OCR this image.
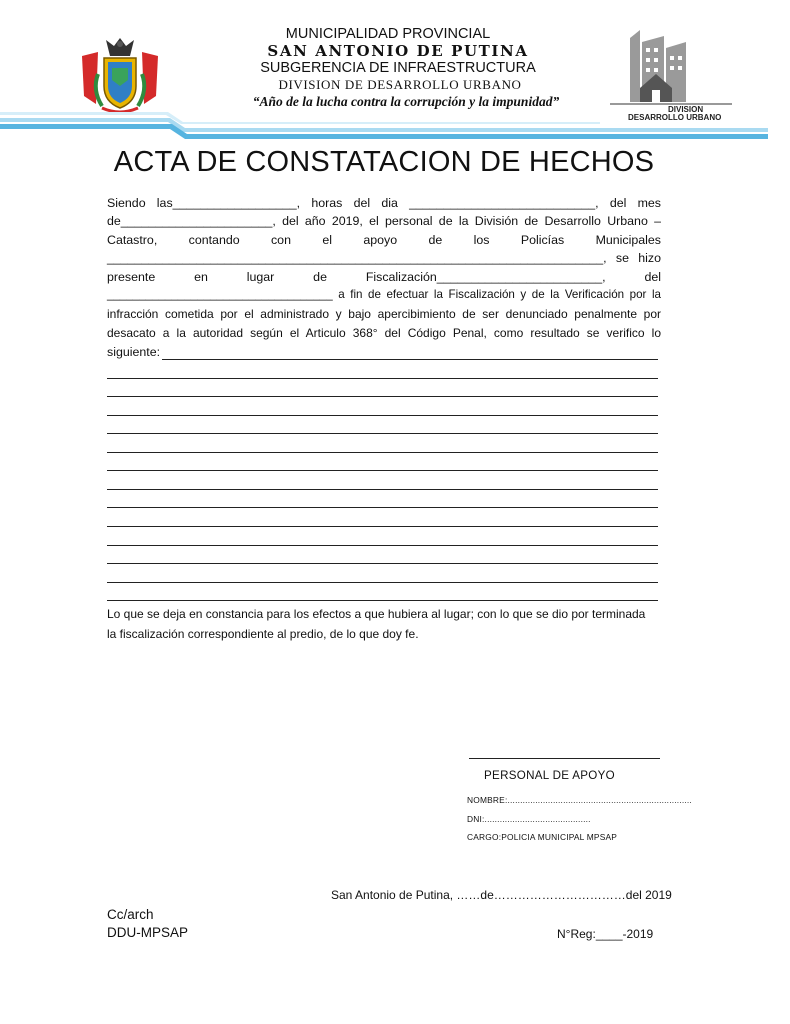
DIVISION
DESARROLLO URBANO
MUNICIPALIDAD PROVINCIAL
SAN ANTONIO DE PUTINA
SUBGERENCIA DE INFRAESTRUCTURA
DIVISION DE DESARROLLO URBANO
“Año de la lucha contra la corrupción y la impunidad”
ACTA DE CONSTATACION DE HECHOS
Siendo las__________________, horas del dia ___________________________, del mes
de______________________, del año 2019, el personal de la División de Desarrollo Urbano –
Catastro, contando con el apoyo de los Policías Municipales
________________________________________________________________________, se hizo
presente en lugar de Fiscalización________________________, del
___________________________________ a fin de efectuar la Fiscalización y de la Verificación por la
infracción cometida por el administrado y bajo apercibimiento de ser denunciado penalmente por
desacato a la autoridad según el Articulo 368° del Código Penal, como resultado se verifico lo
siguiente:
Lo que se deja en constancia para los efectos a que hubiera al lugar; con lo que se dio por terminada
la fiscalización correspondiente al predio, de lo que doy fe.
PERSONAL DE APOYO
NOMBRE:.........................................................................
DNI:..........................................
CARGO:POLICIA MUNICIPAL MPSAP
San Antonio de Putina, ……de……………………………del 2019
Cc/arch
DDU-MPSAP	N°Reg:____-2019
